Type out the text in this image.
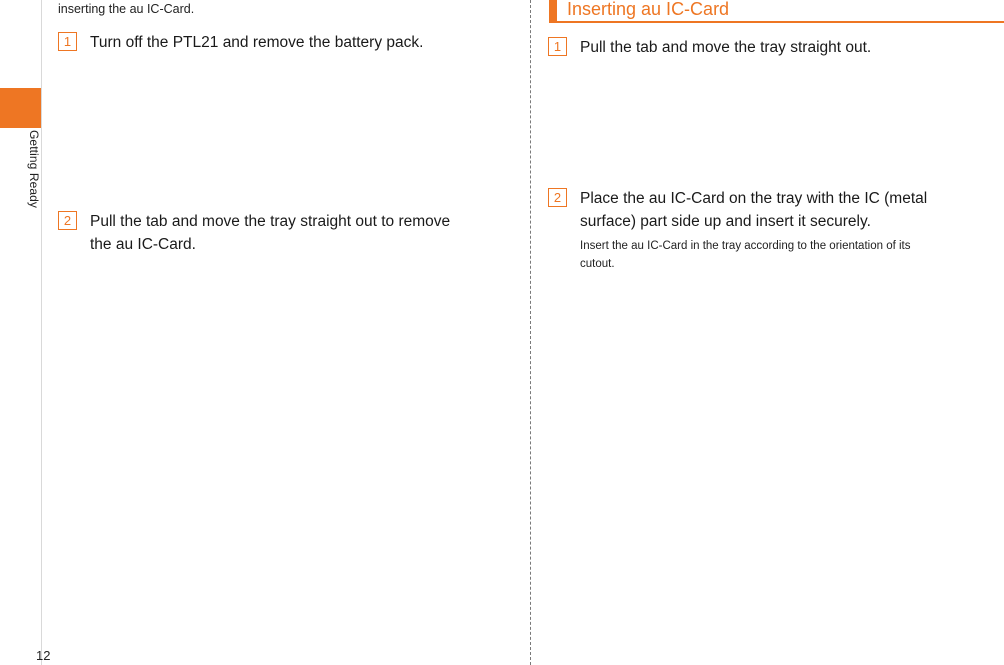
Getting Ready
12
inserting the au IC-Card.
1	Turn off the PTL21 and remove the battery pack.
2	Pull the tab and move the tray straight out to remove the au IC-Card.
Inserting au IC-Card
1	Pull the tab and move the tray straight out.
2	Place the au IC-Card on the tray with the IC (metal surface) part side up and insert it securely.
Insert the au IC-Card in the tray according to the orientation of its cutout.
